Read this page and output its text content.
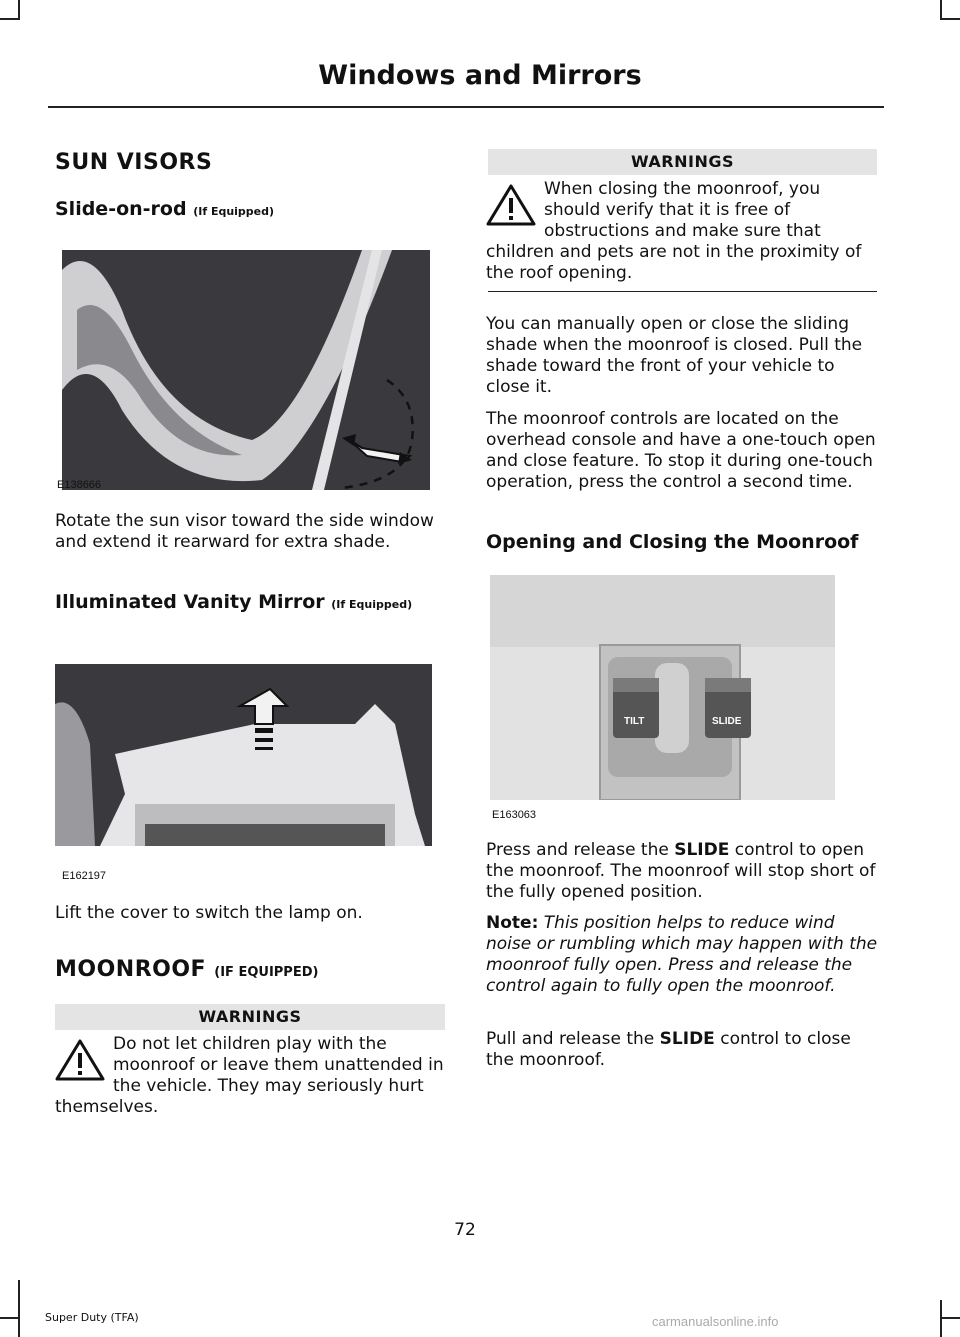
Windows and Mirrors
SUN VISORS
Slide-on-rod (If Equipped)
E138666

Rotate the sun visor toward the side window and extend it rearward for extra shade.

Illuminated Vanity Mirror (If Equipped)
E162197

Lift the cover to switch the lamp on.

MOONROOF (IF EQUIPPED)
WARNINGS
Do not let children play with the moonroof or leave them unattended in the vehicle. They may seriously hurt themselves.
WARNINGS
When closing the moonroof, you should verify that it is free of obstructions and make sure that children and pets are not in the proximity of the roof opening.

You can manually open or close the sliding shade when the moonroof is closed. Pull the shade toward the front of your vehicle to close it.

The moonroof controls are located on the overhead console and have a one-touch open and close feature. To stop it during one-touch operation, press the control a second time.

Opening and Closing the Moonroof
TILT	SLIDE
E163063

Press and release the SLIDE control to open the moonroof. The moonroof will stop short of the fully opened position.

Note: This position helps to reduce wind noise or rumbling which may happen with the moonroof fully open. Press and release the control again to fully open the moonroof.

Pull and release the SLIDE control to close the moonroof.

72
Super Duty (TFA)	carmanualsonline.info
